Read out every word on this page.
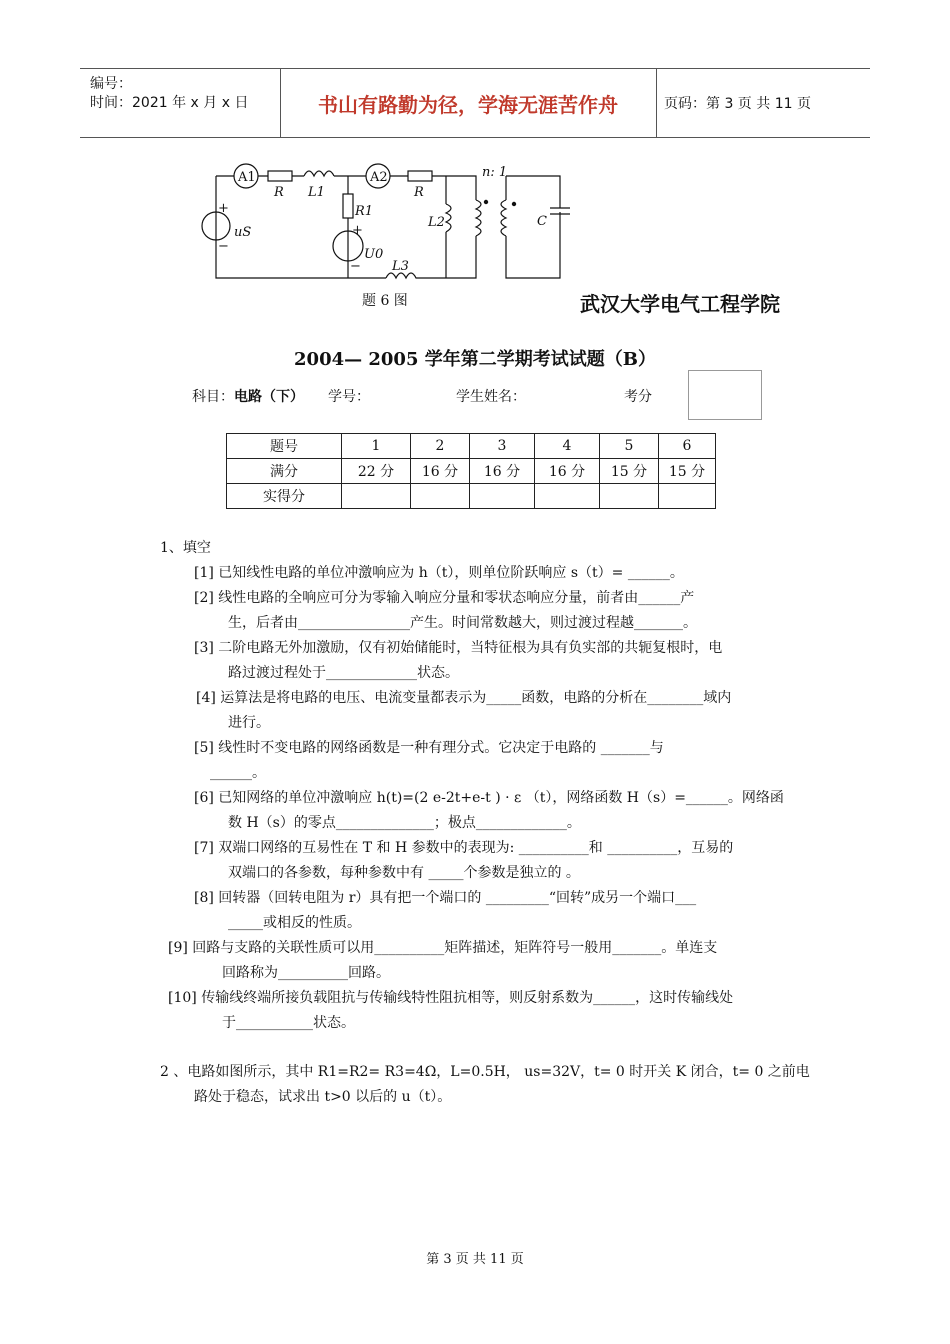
编号：
时间：2021 年 x 月 x 日	书山有路勤为径，学海无涯苦作舟	页码：第 3 页 共 11 页
A1	A2
R L1	R
R1
uS
U0
L3
L2
n: 1
C
+
−
+
−
题 6 图	武汉大学电气工程学院
2004— 2005 学年第二学期考试试题（B）
科目：电路（下） 学号：	学生姓名：	考分
题号	1	2	3	4	5	6
满分	22 分	16 分	16 分	16 分	15 分	15 分
实得分						
1、填空
[1] 已知线性电路的单位冲激响应为 h（t），则单位阶跃响应 s（t）= ______。
[2] 线性电路的全响应可分为零输入响应分量和零状态响应分量，前者由______产
生，后者由________________产生。时间常数越大，则过渡过程越_______。
[3] 二阶电路无外加激励，仅有初始储能时，当特征根为具有负实部的共轭复根时，电
路过渡过程处于_____________状态。
[4] 运算法是将电路的电压、电流变量都表示为_____函数，电路的分析在________域内
进行。
[5] 线性时不变电路的网络函数是一种有理分式。它决定于电路的 _______与
______。
[6] 已知网络的单位冲激响应 h(t)=(2 e-2t+e-t ) · ε （t），网络函数 H（s）=______。网络函
数 H（s）的零点______________；极点_____________。
[7] 双端口网络的互易性在 T 和 H 参数中的表现为: __________和 __________，互易的
双端口的各参数，每种参数中有 _____个参数是独立的 。
[8] 回转器（回转电阻为 r）具有把一个端口的 _________“回转”成另一个端口___
_____或相反的性质。
[9] 回路与支路的关联性质可以用__________矩阵描述，矩阵符号一般用_______。单连支
回路称为__________回路。
[10] 传输线终端所接负载阻抗与传输线特性阻抗相等，则反射系数为______，这时传输线处
于___________状态。
2 、电路如图所示，其中 R1=R2= R3=4Ω，L=0.5H， us=32V，t= 0 时开关 K 闭合，t= 0 之前电
路处于稳态，试求出 t>0 以后的 u（t）。
第 3 页 共 11 页
